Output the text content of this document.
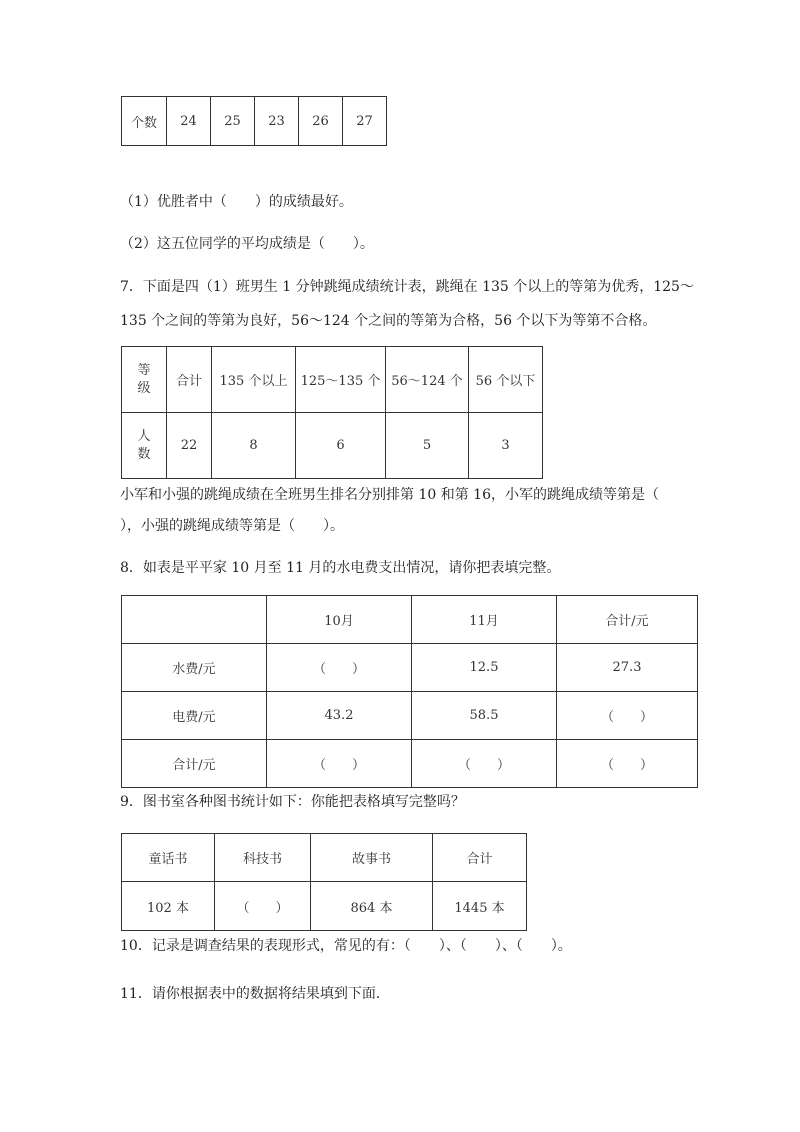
个数	24	25	23	26	27
（1）优胜者中（　　）的成绩最好。
（2）这五位同学的平均成绩是（　　）。
7．下面是四（1）班男生 1 分钟跳绳成绩统计表，跳绳在 135 个以上的等第为优秀，125～
135 个之间的等第为良好，56～124 个之间的等第为合格，56 个以下为等第不合格。
等
级	合计	135 个以上	125～135 个	56～124 个	56 个以下
人
数	22	8	6	5	3
小军和小强的跳绳成绩在全班男生排名分别排第 10 和第 16，小军的跳绳成绩等第是（
），小强的跳绳成绩等第是（　　）。
8．如表是平平家 10 月至 11 月的水电费支出情况，请你把表填完整。
	10月	11月	合计/元
水费/元	（　　）	12.5	27.3
电费/元	43.2	58.5	（　　）
合计/元	（　　）	（　　）	（　　）
9．图书室各种图书统计如下：你能把表格填写完整吗？
童话书	科技书	故事书	合计
102 本	（　　）	864 本	1445 本
10．记录是调查结果的表现形式，常见的有：（　　）、（　　）、（　　）。
11．请你根据表中的数据将结果填到下面.
